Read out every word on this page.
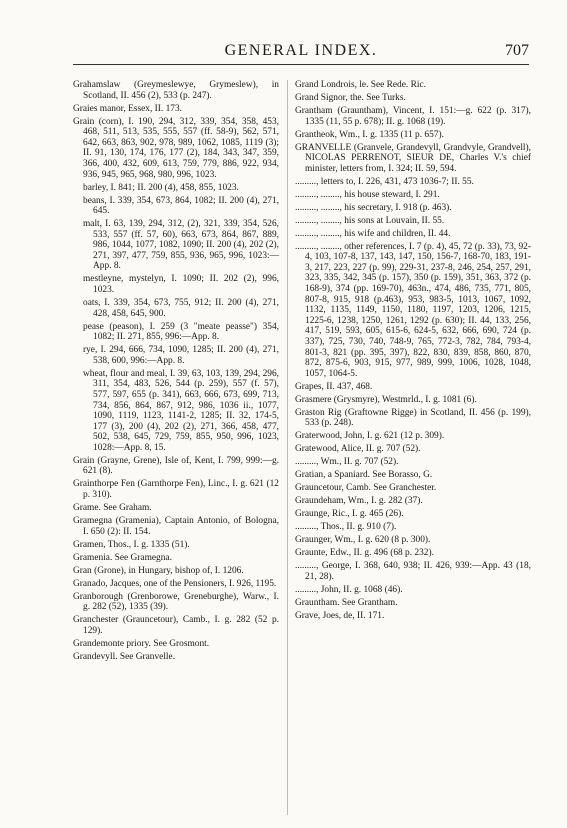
GENERAL INDEX.	707

Grahamslaw (Greymeslewye, Grymeslew), in Scotland, II. 456 (2), 533 (p. 247).

Graies manor, Essex, II. 173.

Grain (corn), I. 190, 294, 312, 339, 354, 358, 453, 468, 511, 513, 535, 555, 557 (ff. 58-9), 562, 571, 642, 663, 863, 902, 978, 989, 1062, 1085, 1119 (3); II. 91, 130, 174, 176, 177 (2), 184, 343, 347, 359, 366, 400, 432, 609, 613, 759, 779, 886, 922, 934, 936, 945, 965, 968, 980, 996, 1023.

barley, I. 841; II. 200 (4), 458, 855, 1023.

beans, I. 339, 354, 673, 864, 1082; II. 200 (4), 271, 645.

malt, I. 63, 139, 294, 312, (2), 321, 339, 354, 526, 533, 557 (ff. 57, 60), 663, 673, 864, 867, 889, 986, 1044, 1077, 1082, 1090; II. 200 (4), 202 (2), 271, 397, 477, 759, 855, 936, 965, 996, 1023:—App. 8.

mestleyne, mystelyn, I. 1090; II. 202 (2), 996, 1023.

oats, I. 339, 354, 673, 755, 912; II. 200 (4), 271, 428, 458, 645, 900.

pease (peason), I. 259 (3 "meate peasse") 354, 1082; II. 271, 855, 996:—App. 8.

rye, I. 294, 666, 734, 1090, 1285; II. 200 (4), 271, 538, 600, 996:—App. 8.

wheat, flour and meal, I. 39, 63, 103, 139, 294, 296, 311, 354, 483, 526, 544 (p. 259), 557 (f. 57), 577, 597, 655 (p. 341), 663, 666, 673, 699, 713, 734, 856, 864, 867, 912, 986, 1036 ii., 1077, 1090, 1119, 1123, 1141-2, 1285; II. 32, 174-5, 177 (3), 200 (4), 202 (2), 271, 366, 458, 477, 502, 538, 645, 729, 759, 855, 950, 996, 1023, 1028:—App. 8, 15.

Grain (Grayne, Grene), Isle of, Kent, I. 799, 999:—g. 621 (8).

Grainthorpe Fen (Garnthorpe Fen), Linc., I. g. 621 (12 p. 310).

Grame. See Graham.

Gramegna (Gramenia), Captain Antonio, of Bologna, I. 650 (2): II. 154.

Gramen, Thos., I. g. 1335 (51).

Gramenia. See Gramegna.

Gran (Grone), in Hungary, bishop of, I. 1206.

Granado, Jacques, one of the Pensioners, I. 926, 1195.

Granborough (Grenborowe, Greneburghe), Warw., I. g. 282 (52), 1335 (39).

Granchester (Grauncetour), Camb., I. g. 282 (52 p. 129).

Grandemonte priory. See Grosmont.

Grandevyll. See Granvelle.

Grand Londrois, le. See Rede. Ric.

Grand Signor, the. See Turks.

Grantham (Grauntham), Vincent, I. 151:—g. 622 (p. 317), 1335 (11, 55 p. 678); II. g. 1068 (19).

Grantheok, Wm., I. g. 1335 (11 p. 657).

GRANVELLE (Granvele, Grandevyll, Grandvyle, Grandvell), NICOLAS PERRENOT, SIEUR DE, Charles V.'s chief minister, letters from, I. 324; II. 59, 594.

........., letters to, I. 226, 431, 473 1036-7; II. 55.

........., ........, his house steward, I. 291.

........., ........, his secretary, I. 918 (p. 463).

........., ........, his sons at Louvain, II. 55.

........., ........, his wife and children, II. 44.

........., ........, other references, I. 7 (p. 4), 45, 72 (p. 33), 73, 92-4, 103, 107-8, 137, 143, 147, 150, 156-7, 168-70, 183, 191-3, 217, 223, 227 (p. 99), 229-31, 237-8, 246, 254, 257, 291, 323, 335, 342, 345 (p. 157), 350 (p. 159), 351, 363, 372 (p. 168-9), 374 (pp. 169-70), 463n., 474, 486, 735, 771, 805, 807-8, 915, 918 (p.463), 953, 983-5, 1013, 1067, 1092, 1132, 1135, 1149, 1150, 1180, 1197, 1203, 1206, 1215, 1225-6, 1238, 1250, 1261, 1292 (p. 630); II. 44, 133, 256, 417, 519, 593, 605, 615-6, 624-5, 632, 666, 690, 724 (p. 337), 725, 730, 740, 748-9, 765, 772-3, 782, 784, 793-4, 801-3, 821 (pp. 395, 397), 822, 830, 839, 858, 860, 870, 872, 875-6, 903, 915, 977, 989, 999, 1006, 1028, 1048, 1057, 1064-5.

Grapes, II. 437, 468.

Grasmere (Grysmyre), Westmrld., I. g. 1081 (6).

Graston Rig (Graftowne Rigge) in Scotland, II. 456 (p. 199), 533 (p. 248).

Graterwood, John, I. g. 621 (12 p. 309).

Gratewood, Alice, II. g. 707 (52).

........., Wm., II. g. 707 (52).

Gratian, a Spaniard. See Borasso, G.

Grauncetour, Camb. See Granchester.

Graundeham, Wm., I. g. 282 (37).

Graunge, Ric., I. g. 465 (26).

........., Thos., II. g. 910 (7).

Graunger, Wm., I. g. 620 (8 p. 300).

Graunte, Edw., II. g. 496 (68 p. 232).

........., George, I. 368, 640, 938; II. 426, 939:—App. 43 (18, 21, 28).

........., John, II. g. 1068 (46).

Grauntham. See Grantham.

Grave, Joes, de, II. 171.
